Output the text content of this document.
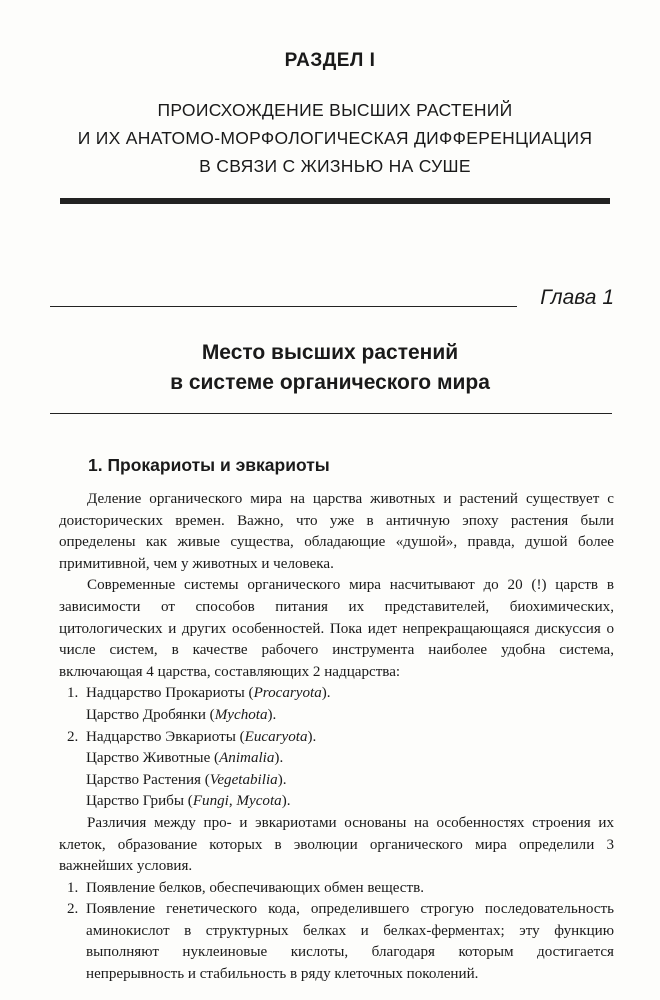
РАЗДЕЛ I
ПРОИСХОЖДЕНИЕ ВЫСШИХ РАСТЕНИЙ
И ИХ АНАТОМО-МОРФОЛОГИЧЕСКАЯ ДИФФЕРЕНЦИАЦИЯ
В СВЯЗИ С ЖИЗНЬЮ НА СУШЕ
Глава 1
Место высших растений
в системе органического мира
1. Прокариоты и эвкариоты

Деление органического мира на царства животных и растений существует с доисторических времен. Важно, что уже в античную эпоху растения были определены как живые существа, обладающие «душой», правда, душой более примитивной, чем у животных и человека.

Современные системы органического мира насчитывают до 20 (!) царств в зависимости от способов питания их представителей, биохимических, цитологических и других особенностей. Пока идет непрекращающаяся дискуссия о числе систем, в качестве рабочего инструмента наиболее удобна система, включающая 4 царства, составляющих 2 надцарства:

1. Надцарство Прокариоты (Procaryota).
Царство Дробянки (Mychota).
2. Надцарство Эвкариоты (Eucaryota).
Царство Животные (Animalia).
Царство Растения (Vegetabilia).
Царство Грибы (Fungi, Mycota).

Различия между про- и эвкариотами основаны на особенностях строения их клеток, образование которых в эволюции органического мира определили 3 важнейших условия.

1. Появление белков, обеспечивающих обмен веществ.
2. Появление генетического кода, определившего строгую последовательность аминокислот в структурных белках и белках-ферментах; эту функцию выполняют нуклеиновые кислоты, благодаря которым достигается непрерывность и стабильность в ряду клеточных поколений.
